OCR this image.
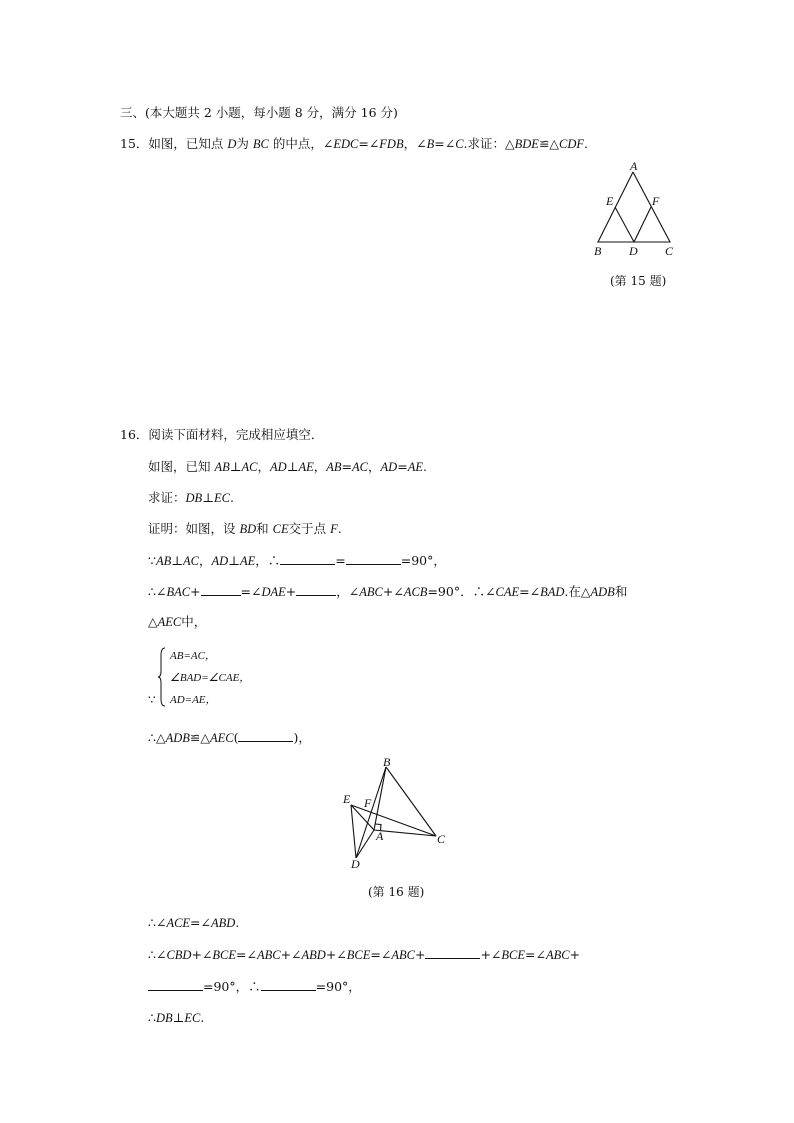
三、(本大题共 2 小题，每小题 8 分，满分 16 分)
15．如图，已知点 D为 BC 的中点，∠EDC=∠FDB，∠B=∠C.求证：△BDE≌△CDF.
A
E	F
B D C
(第 15 题)
16．阅读下面材料，完成相应填空．
如图，已知 AB⊥AC，AD⊥AE，AB=AC，AD=AE.
求证：DB⊥EC.
证明：如图，设 BD和 CE交于点 F.
∵AB⊥AC，AD⊥AE，∴	=	=90°，
∴∠BAC+	=∠DAE+	，∠ABC+∠ACB=90°．∴∠CAE=∠BAD.在△ADB和
△AEC中，
AB=AC，
∠BAD=∠CAE，
AD=AE，
∵
∴△ADB≌△AEC(	)，
B
E F
A	C
D
(第 16 题)
∴∠ACE=∠ABD.
∴∠CBD+∠BCE=∠ABC+∠ABD+∠BCE=∠ABC+	+∠BCE=∠ABC+
=90°，∴	=90°，
∴DB⊥EC.
